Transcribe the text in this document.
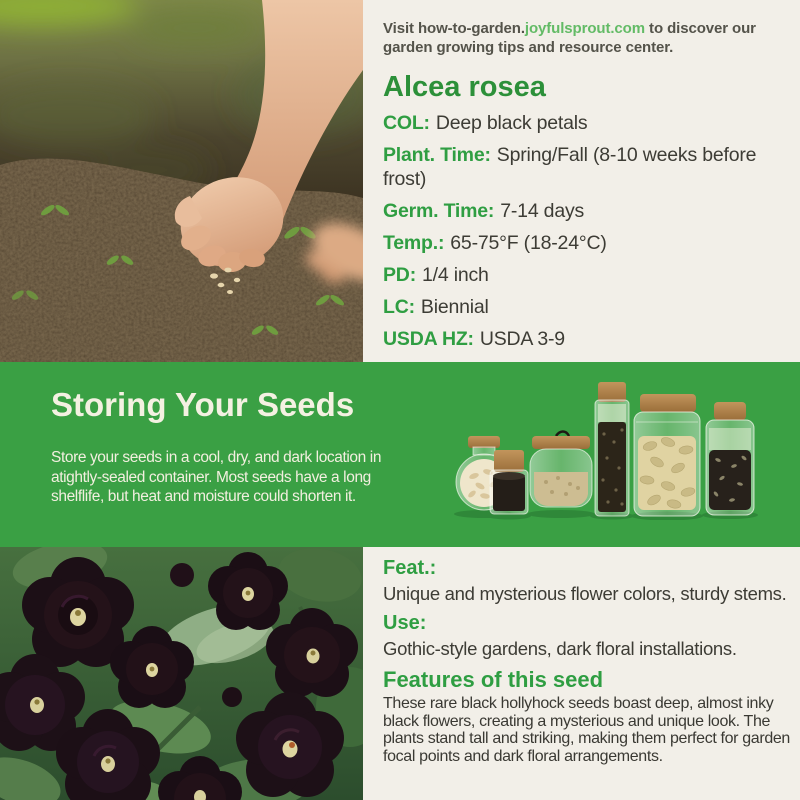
Visit how-to-garden.joyfulsprout.com to discover our garden growing tips and resource center.
Alcea rosea
COL: Deep black petals
Plant. Time: Spring/Fall (8-10 weeks before frost)
Germ. Time: 7-14 days
Temp.: 65-75°F (18-24°C)
PD: 1/4 inch
LC: Biennial
USDA HZ: USDA 3-9
Storing Your Seeds
Store your seeds in a cool, dry, and dark location in atightly-sealed container. Most seeds have a long shelflife, but heat and moisture could shorten it.
Feat.:
Unique and mysterious flower colors, sturdy stems.
Use:
Gothic-style gardens, dark floral installations.
Features of this seed
These rare black hollyhock seeds boast deep, almost inky black flowers, creating a mysterious and unique look. The plants stand tall and striking, making them perfect for garden focal points and dark floral arrangements.
